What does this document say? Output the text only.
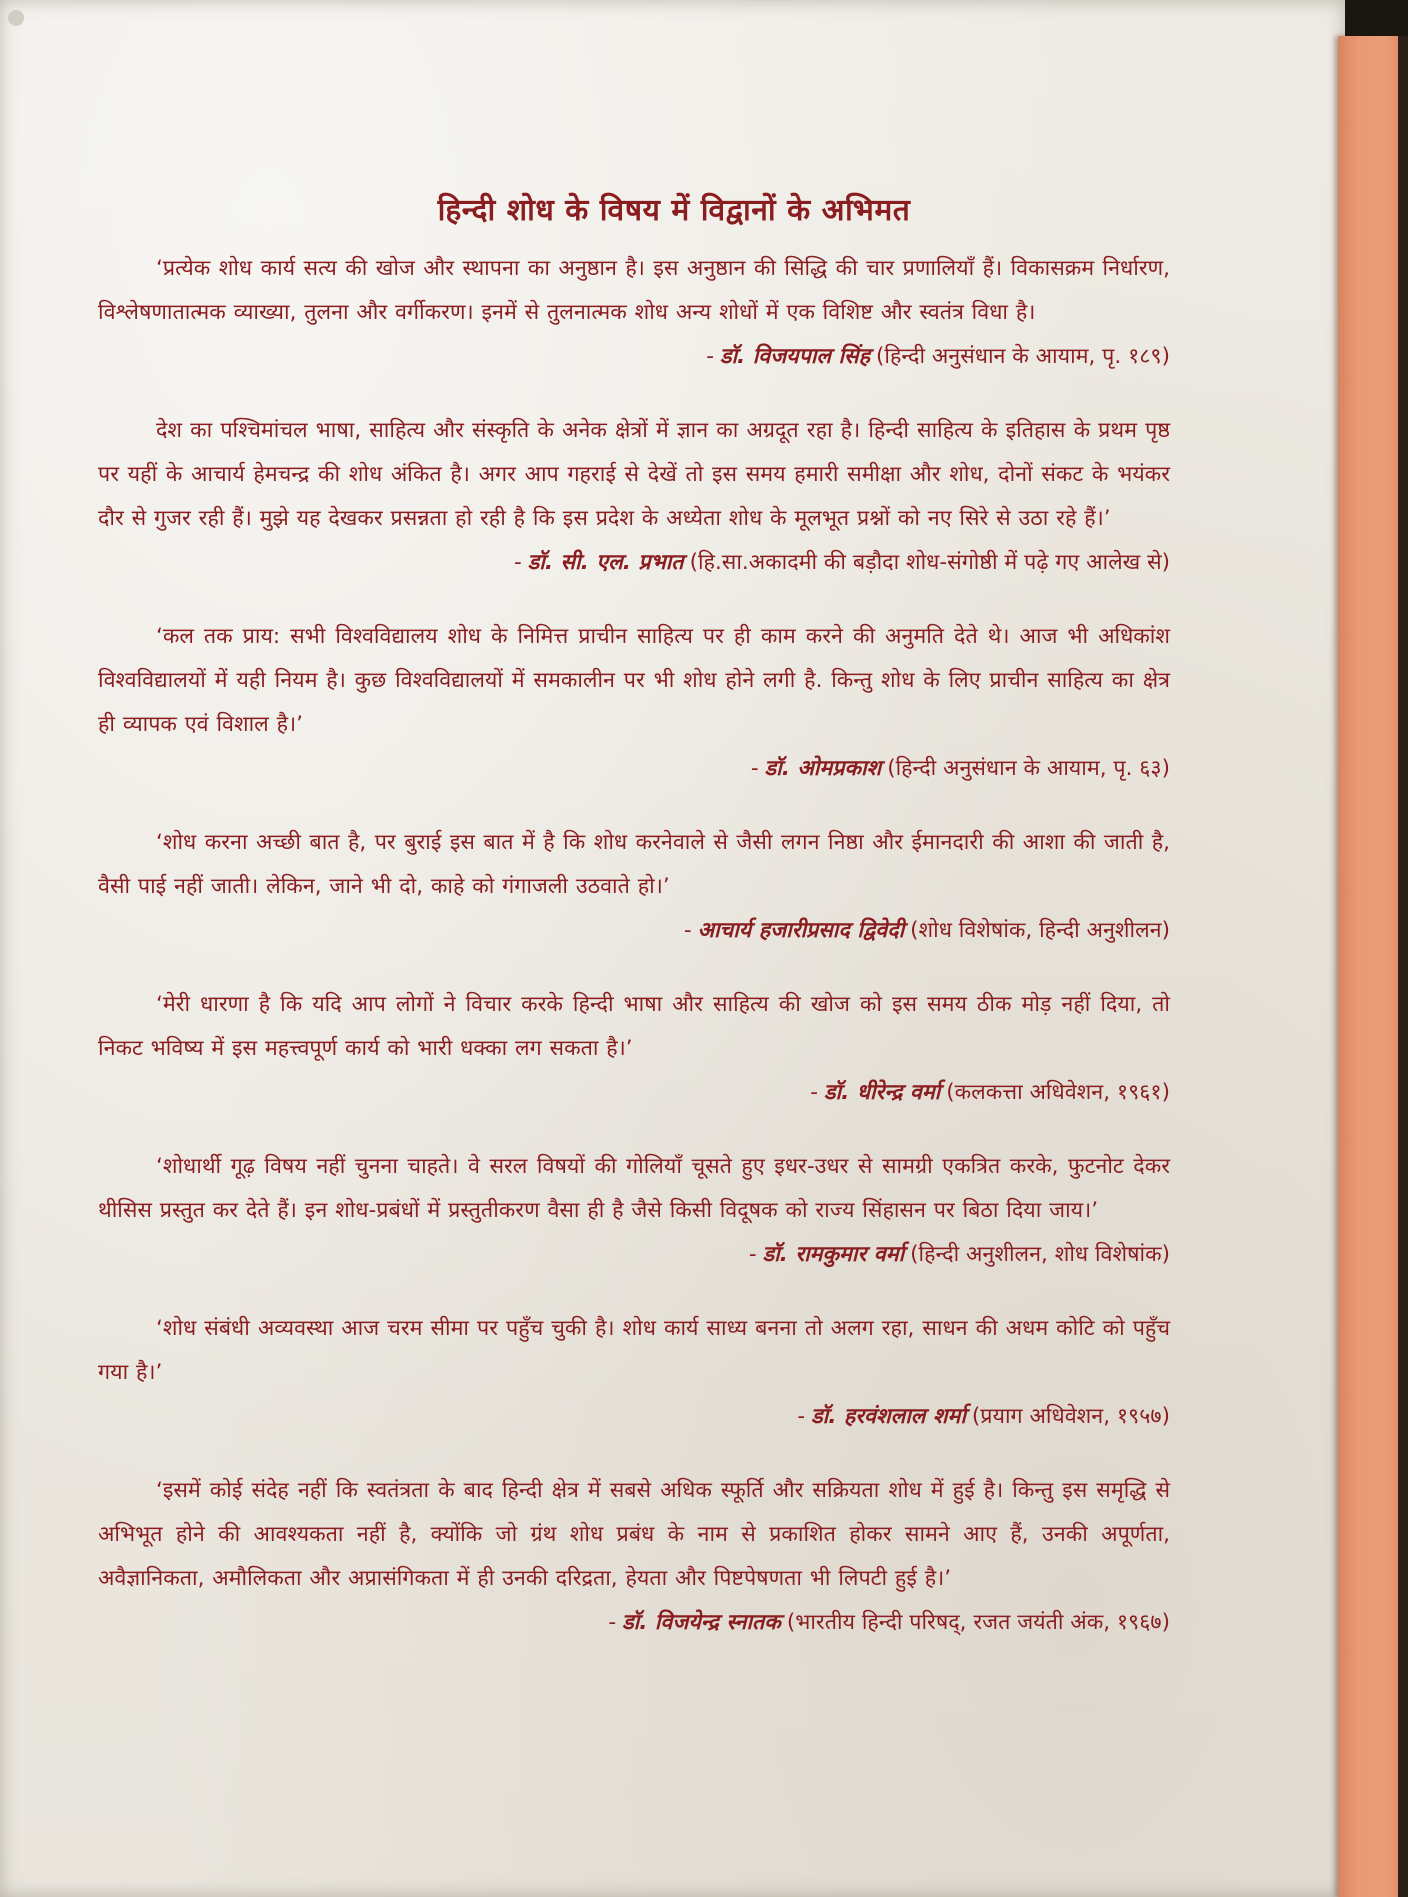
हिन्दी शोध के विषय में विद्वानों के अभिमत

‘प्रत्येक शोध कार्य सत्य की खोज और स्थापना का अनुष्ठान है। इस अनुष्ठान की सिद्धि की चार प्रणालियाँ हैं। विकासक्रम निर्धारण, विश्लेषणातात्मक व्याख्या, तुलना और वर्गीकरण। इनमें से तुलनात्मक शोध अन्य शोधों में एक विशिष्ट और स्वतंत्र विधा है।

- डॉ. विजयपाल सिंह (हिन्दी अनुसंधान के आयाम, पृ. १८९)

देश का पश्चिमांचल भाषा, साहित्य और संस्कृति के अनेक क्षेत्रों में ज्ञान का अग्रदूत रहा है। हिन्दी साहित्य के इतिहास के प्रथम पृष्ठ पर यहीं के आचार्य हेमचन्द्र की शोध अंकित है। अगर आप गहराई से देखें तो इस समय हमारी समीक्षा और शोध, दोनों संकट के भयंकर दौर से गुजर रही हैं। मुझे यह देखकर प्रसन्नता हो रही है कि इस प्रदेश के अध्येता शोध के मूलभूत प्रश्नों को नए सिरे से उठा रहे हैं।’

- डॉ. सी. एल. प्रभात (हि.सा.अकादमी की बड़ौदा शोध-संगोष्ठी में पढ़े गए आलेख से)

‘कल तक प्राय: सभी विश्वविद्यालय शोध के निमित्त प्राचीन साहित्य पर ही काम करने की अनुमति देते थे। आज भी अधिकांश विश्वविद्यालयों में यही नियम है। कुछ विश्वविद्यालयों में समकालीन पर भी शोध होने लगी है. किन्तु शोध के लिए प्राचीन साहित्य का क्षेत्र ही व्यापक एवं विशाल है।’

- डॉ. ओमप्रकाश (हिन्दी अनुसंधान के आयाम, पृ. ६३)

‘शोध करना अच्छी बात है, पर बुराई इस बात में है कि शोध करनेवाले से जैसी लगन निष्ठा और ईमानदारी की आशा की जाती है, वैसी पाई नहीं जाती। लेकिन, जाने भी दो, काहे को गंगाजली उठवाते हो।’

- आचार्य हजारीप्रसाद द्विवेदी (शोध विशेषांक, हिन्दी अनुशीलन)

‘मेरी धारणा है कि यदि आप लोगों ने विचार करके हिन्दी भाषा और साहित्य की खोज को इस समय ठीक मोड़ नहीं दिया, तो निकट भविष्य में इस महत्त्वपूर्ण कार्य को भारी धक्का लग सकता है।’

- डॉ. धीरेन्द्र वर्मा (कलकत्ता अधिवेशन, १९६१)

‘शोधार्थी गूढ़ विषय नहीं चुनना चाहते। वे सरल विषयों की गोलियाँ चूसते हुए इधर-उधर से सामग्री एकत्रित करके, फुटनोट देकर थीसिस प्रस्तुत कर देते हैं। इन शोध-प्रबंधों में प्रस्तुतीकरण वैसा ही है जैसे किसी विदूषक को राज्य सिंहासन पर बिठा दिया जाय।’

- डॉ. रामकुमार वर्मा (हिन्दी अनुशीलन, शोध विशेषांक)

‘शोध संबंधी अव्यवस्था आज चरम सीमा पर पहुँच चुकी है। शोध कार्य साध्य बनना तो अलग रहा, साधन की अधम कोटि को पहुँच गया है।’

- डॉ. हरवंशलाल शर्मा (प्रयाग अधिवेशन, १९५७)

‘इसमें कोई संदेह नहीं कि स्वतंत्रता के बाद हिन्दी क्षेत्र में सबसे अधिक स्फूर्ति और सक्रियता शोध में हुई है। किन्तु इस समृद्धि से अभिभूत होने की आवश्यकता नहीं है, क्योंकि जो ग्रंथ शोध प्रबंध के नाम से प्रकाशित होकर सामने आए हैं, उनकी अपूर्णता, अवैज्ञानिकता, अमौलिकता और अप्रासंगिकता में ही उनकी दरिद्रता, हेयता और पिष्टपेषणता भी लिपटी हुई है।’

- डॉ. विजयेन्द्र स्नातक (भारतीय हिन्दी परिषद्, रजत जयंती अंक, १९६७)
